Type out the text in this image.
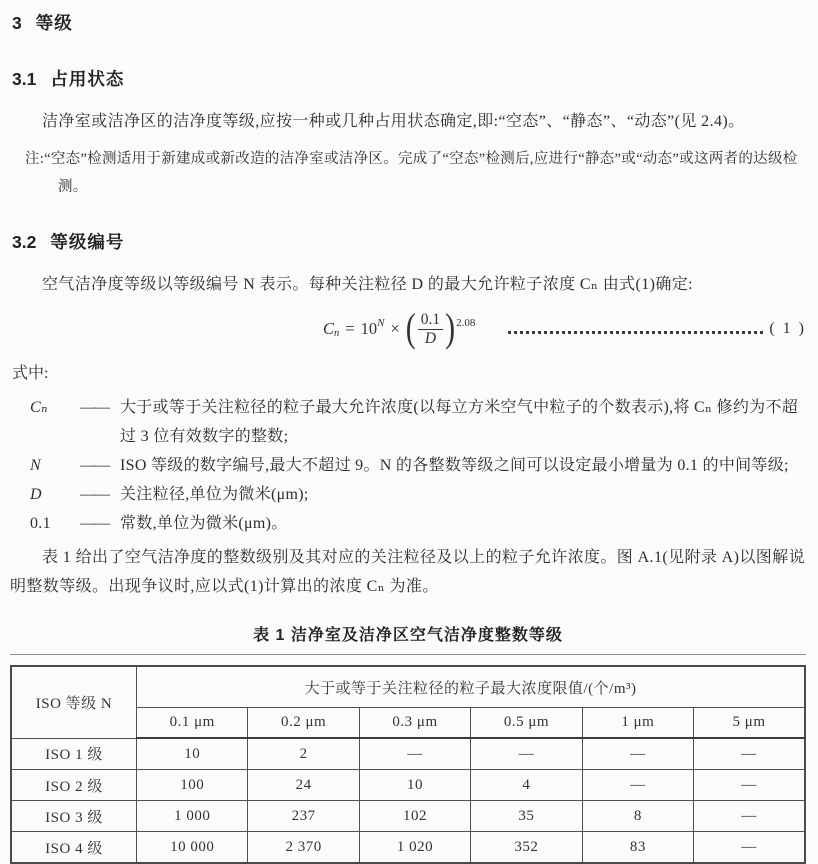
3 等级
3.1 占用状态

洁净室或洁净区的洁净度等级,应按一种或几种占用状态确定,即:“空态”、“静态”、“动态”(见 2.4)。

注:“空态”检测适用于新建成或新改造的洁净室或洁净区。完成了“空态”检测后,应进行“静态”或“动态”或这两者的达级检测。

3.2 等级编号

空气洁净度等级以等级编号 N 表示。每种关注粒径 D 的最大允许粒子浓度 Cₙ 由式(1)确定:

$C_n = 10^N$ × ( $\frac{0.1}{D} )^{2.08}$	( 1 )

式中:

Cₙ	—— 大于或等于关注粒径的粒子最大允许浓度(以每立方米空气中粒子的个数表示),将 Cₙ 修约为不超过 3 位有效数字的整数;
N	—— ISO 等级的数字编号,最大不超过 9。N 的各整数等级之间可以设定最小增量为 0.1 的中间等级;
D	—— 关注粒径,单位为微米(μm);
0.1	—— 常数,单位为微米(μm)。

表 1 给出了空气洁净度的整数级别及其对应的关注粒径及以上的粒子允许浓度。图 A.1(见附录 A)以图解说明整数等级。出现争议时,应以式(1)计算出的浓度 Cₙ 为准。

表 1 洁净室及洁净区空气洁净度整数等级
ISO 等级 N	大于或等于关注粒径的粒子最大浓度限值/(个/m³)					
	0.1 μm	0.2 μm	0.3 μm	0.5 μm	1 μm	5 μm
ISO 1 级	10	2	—	—	—	—
ISO 2 级	100	24	10	4	—	—
ISO 3 级	1 000	237	102	35	8	—
ISO 4 级	10 000	2 370	1 020	352	83	—
